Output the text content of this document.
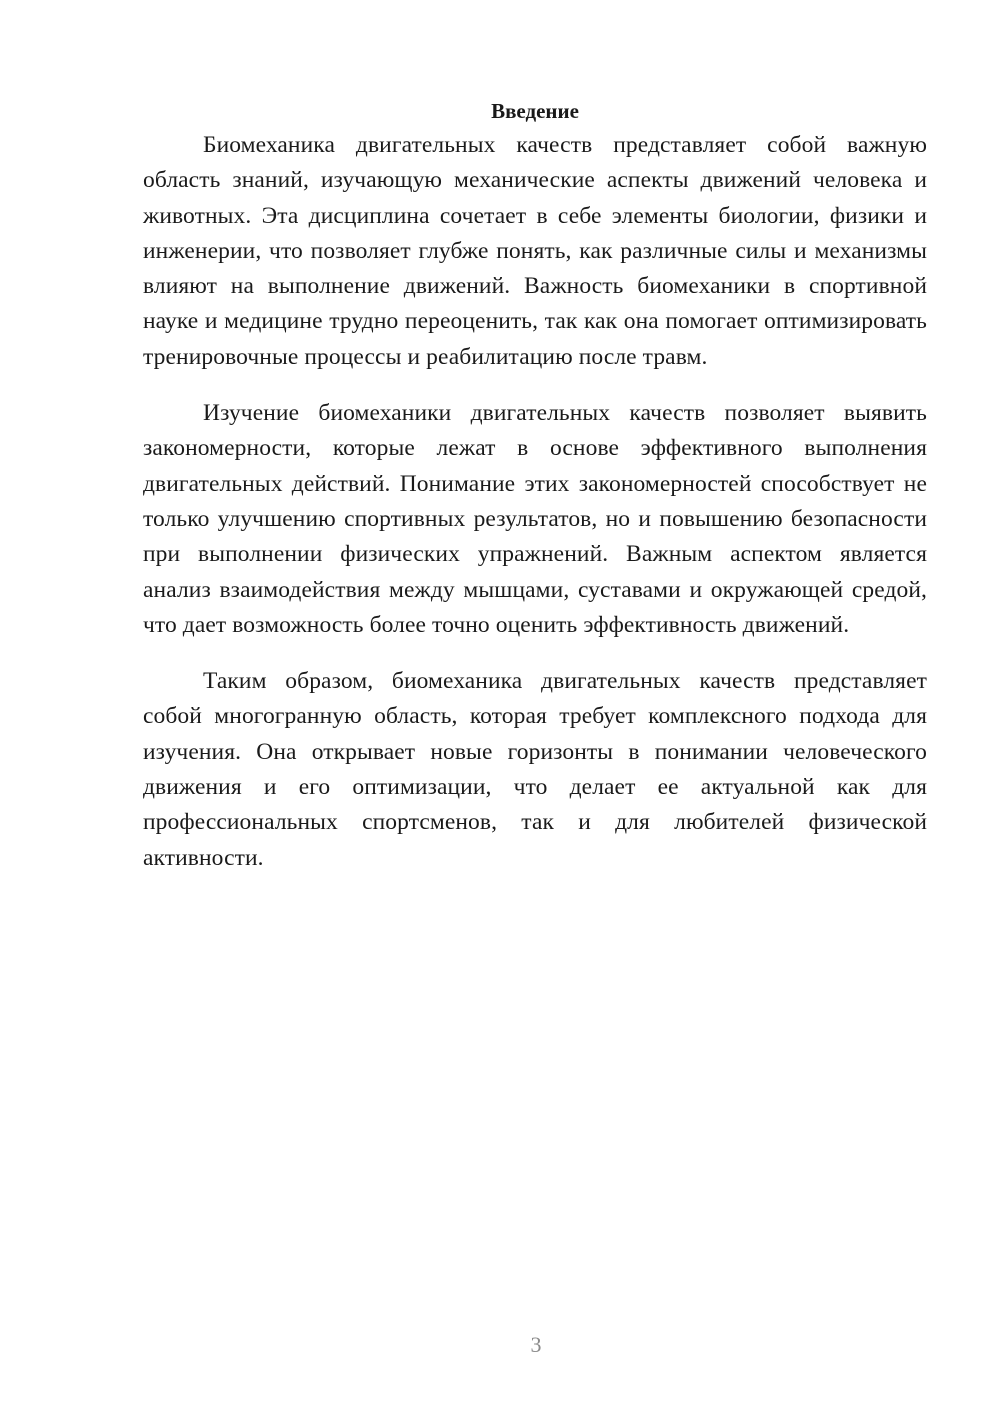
Введение

Биомеханика двигательных качеств представляет собой важную область знаний, изучающую механические аспекты движений человека и животных. Эта дисциплина сочетает в себе элементы биологии, физики и инженерии, что позволяет глубже понять, как различные силы и механизмы влияют на выполнение движений. Важность биомеханики в спортивной науке и медицине трудно переоценить, так как она помогает оптимизировать тренировочные процессы и реабилитацию после травм.

Изучение биомеханики двигательных качеств позволяет выявить закономерности, которые лежат в основе эффективного выполнения двигательных действий. Понимание этих закономерностей способствует не только улучшению спортивных результатов, но и повышению безопасности при выполнении физических упражнений. Важным аспектом является анализ взаимодействия между мышцами, суставами и окружающей средой, что дает возможность более точно оценить эффективность движений.

Таким образом, биомеханика двигательных качеств представляет собой многогранную область, которая требует комплексного подхода для изучения. Она открывает новые горизонты в понимании человеческого движения и его оптимизации, что делает ее актуальной как для профессиональных спортсменов, так и для любителей физической активности.

3
